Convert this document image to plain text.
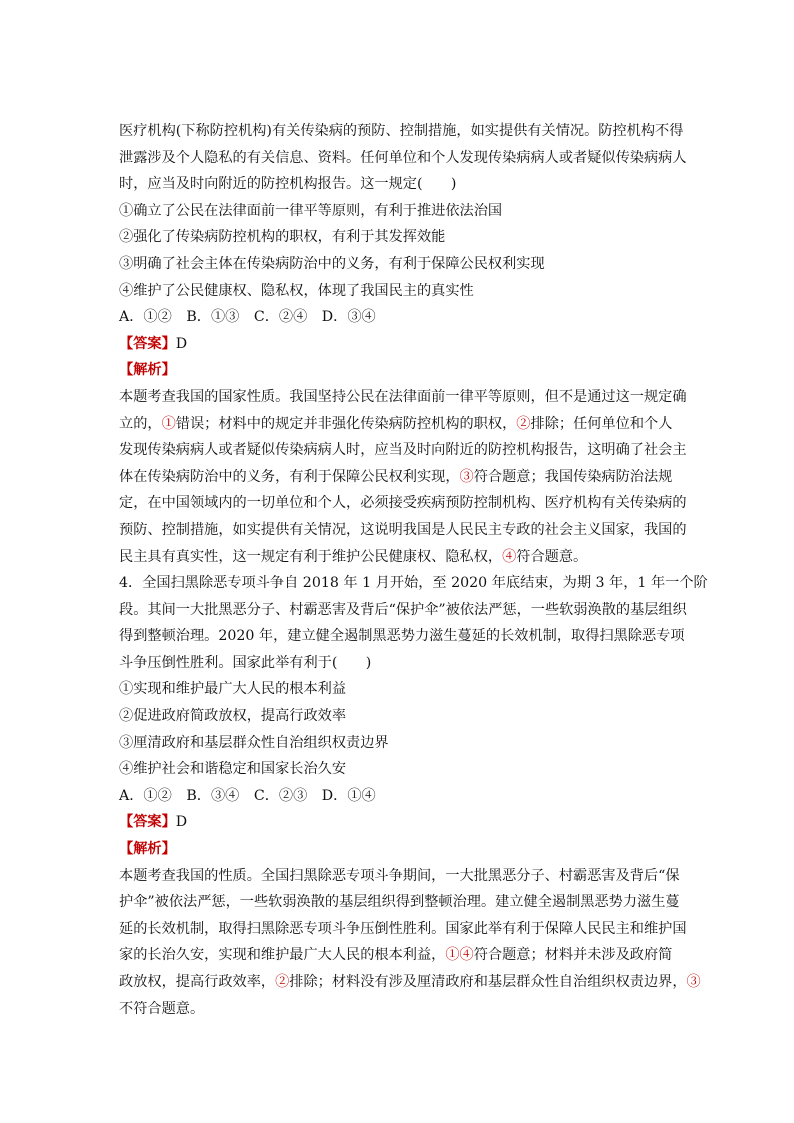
医疗机构(下称防控机构)有关传染病的预防、控制措施，如实提供有关情况。防控机构不得
泄露涉及个人隐私的有关信息、资料。任何单位和个人发现传染病病人或者疑似传染病病人
时，应当及时向附近的防控机构报告。这一规定(　　)
①确立了公民在法律面前一律平等原则，有利于推进依法治国
②强化了传染病防控机构的职权，有利于其发挥效能
③明确了社会主体在传染病防治中的义务，有利于保障公民权利实现
④维护了公民健康权、隐私权，体现了我国民主的真实性
A．①② B．①③ C．②④ D．③④
【答案】D
【解析】
本题考查我国的国家性质。我国坚持公民在法律面前一律平等原则，但不是通过这一规定确
立的，①错误；材料中的规定并非强化传染病防控机构的职权，②排除；任何单位和个人
发现传染病病人或者疑似传染病病人时，应当及时向附近的防控机构报告，这明确了社会主
体在传染病防治中的义务，有利于保障公民权利实现，③符合题意；我国传染病防治法规
定，在中国领域内的一切单位和个人，必须接受疾病预防控制机构、医疗机构有关传染病的
预防、控制措施，如实提供有关情况，这说明我国是人民民主专政的社会主义国家，我国的
民主具有真实性，这一规定有利于维护公民健康权、隐私权，④符合题意。
4．全国扫黑除恶专项斗争自 2018 年 1 月开始，至 2020 年底结束，为期 3 年，1 年一个阶
段。其间一大批黑恶分子、村霸恶害及背后“保护伞”被依法严惩，一些软弱涣散的基层组织
得到整顿治理。2020 年，建立健全遏制黑恶势力滋生蔓延的长效机制，取得扫黑除恶专项
斗争压倒性胜利。国家此举有利于(　　)
①实现和维护最广大人民的根本利益
②促进政府简政放权，提高行政效率
③厘清政府和基层群众性自治组织权责边界
④维护社会和谐稳定和国家长治久安
A．①② B．③④ C．②③ D．①④
【答案】D
【解析】
本题考查我国的性质。全国扫黑除恶专项斗争期间，一大批黑恶分子、村霸恶害及背后“保
护伞”被依法严惩，一些软弱涣散的基层组织得到整顿治理。建立健全遏制黑恶势力滋生蔓
延的长效机制，取得扫黑除恶专项斗争压倒性胜利。国家此举有利于保障人民民主和维护国
家的长治久安，实现和维护最广大人民的根本利益，①④符合题意；材料并未涉及政府简
政放权，提高行政效率，②排除；材料没有涉及厘清政府和基层群众性自治组织权责边界，③
不符合题意。
